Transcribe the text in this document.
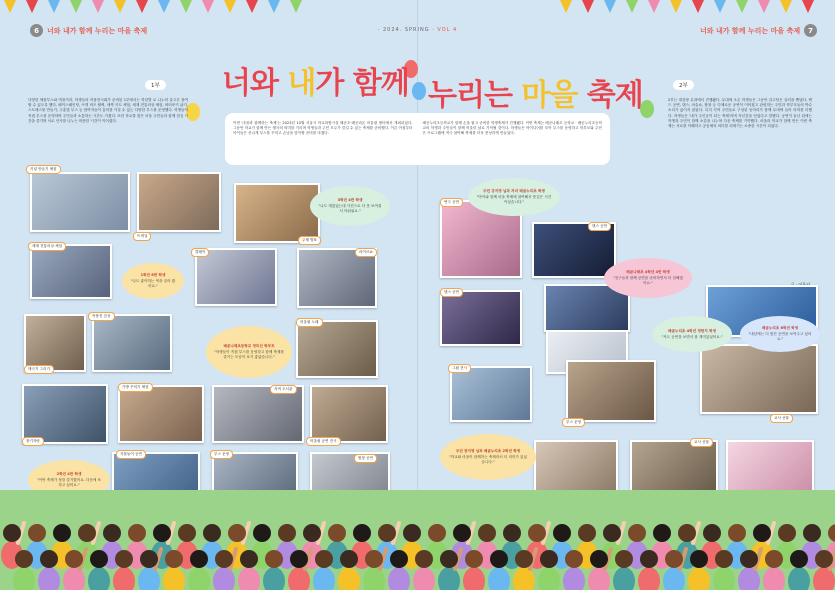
6	너와 내가 함께 누리는 마을 축제	· 2024. SPRING · VOL 4	너와 내가 함께 누리는 마을 축제	7
너와 내가 함께 누리는 마을 축제
1부	2부
다양한 체험부스와 먹을거리, 학생들의 작품전시회가 준비된 1부에서는 학년별 로 나누어 골고루 참여할 수 있도록 했다. 페이스페인팅, 뜨개 비즈 팔찌, 새싹 키트 체험, 세계 전통의상 체험, 버터쿠키 굽기, 스트레스볼 만들기, 주홍빛 부스 등 참여자들이 흥미를 가질 수 있는 다양한 부스를 운영했다. 학생들이 직접 부스를 운영하며 주민들과 소통하는 시간도 가졌다. 또한 학교를 찾은 마을 주민들과 함께 점심 시간을 즐기며 서로 인사를 나누는 따뜻한 시간이 이어졌다.

이번 '마을과 함께하는 축제'는 2023년 10월 서울시 학교복합시설 배곧초·배곧라온 어울림 센터에서 개최되었다. 그동안 학교가 함께 만든 행사의 의미를 기리며 학생들과 주민 모두가 즐길 수 있는 축제를 준비했다. 이른 아침부터 아이들은 신나게 부스를 꾸미고 손님을 맞이할 준비를 마쳤다.

배곧누리초등학교가 함께 손을 잡고 준비한 학생축제가 진행됐다. 이번 축제는 배곧나래초 등학교 · 배곧누리초등학교의 학생과 주민들이 함께 어울린 날로 기억될 것이다. 학생들은 아이디어를 모아 부스를 운영하고 학부모와 주민은 프로그램에 적극 참여해 축제를 더욱 풍성하게 만들었다.

2부는 대강당 무대에서 진행됐다. 무대에 오른 학생들은 그동안 갈고닦은 실력을 뽐냈다. 밴드 공연, 댄스, 마술쇼, 합창 등 다채로운 공연이 이어졌고 관람하는 주민과 학부모들의 박수 소리가 끊이지 않았다. 특히 지역 주민들로 구성된 동아리가 함께 무대에 올라 의미를 더했다. 학생들은 '내가 주인공이 되는 축제'라며 자신감을 얻었다고 말했다. 공연이 끝난 뒤에는 학생과 주민이 함께 소감을 나누며 다음 축제를 기약했다. 마을과 학교가 함께 만든 이번 축제는 서로를 이해하고 공동체의 의미를 되새기는 소중한 시간이 되었다.
키링 만들기 체험
뜨개질
주제 발표
세계 전통의상 체험
클레이	라이브쇼
태극기 그리기
작품전 감상
어울림 노래
장기자랑
가방 꾸미기 체험	지역 도서관
어울림 공연 전시
사물놀이 공연	부스 운영
합창 공연
연극 공연
댄스 공연
댄스 공연
그림 전시
부스 운영
교사 선물
교사 선물
1학년 6반 학생
"나도 좋아하는 색을 골라 봤어요."
3학년 4반 학생
"나도 재밌었는데 사진으로 다 못 보여줘서 아쉬워요."
배곧나래초등학교 정미선 학부모
"학생들이 직접 부스를 운영하고 함께 축제를 즐기는 모습이 보기 좋았습니다."
2학년 4반 학생
"이번 축제가 정말 즐거웠어요. 다음에 또 하고 싶어요."
주민 강지영 님과 자녀 배곧누리초 학생
"아이와 함께 마을 축제에 참여해서 뜻깊은 시간이었습니다."
배곧나래초 4학년 4반 학생
"친구들과 함께 공연을 준비하면서 더 친해졌어요."
배곧누리초 4학년 정현지 학생
"저도 공연을 보면서 참 재미있었어요."
배곧누리초 6학년 학생
"내년에는 더 멋진 공연을 보여주고 싶어요."
주민 장지영 님과 배곧누리초 2학년 학생
"학교와 마을이 함께하는 축제라서 더 의미가 있었습니다."
